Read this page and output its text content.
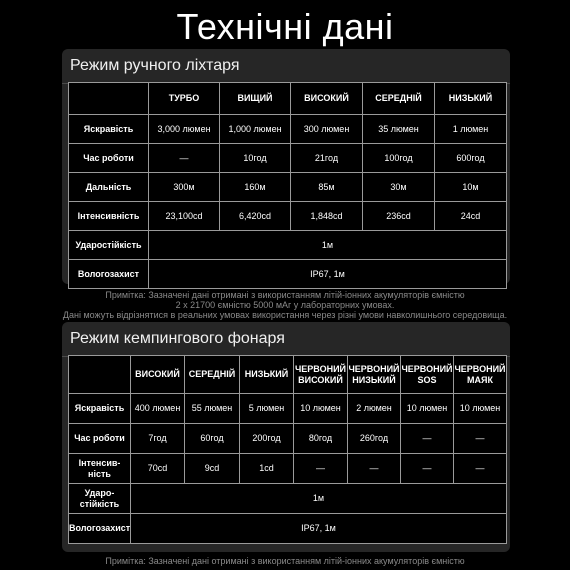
Технічні дані
Режим ручного ліхтаря
	ТУРБО	ВИЩИЙ	ВИСОКИЙ	СЕРЕДНІЙ	НИЗЬКИЙ
Яскравість	3,000 люмен	1,000 люмен	300 люмен	35 люмен	1 люмен
Час роботи	—	10год	21год	100год	600год
Дальність	300м	160м	85м	30м	10м
Інтенсивність	23,100cd	6,420cd	1,848cd	236cd	24cd
Ударостійкість	1м				
Вологозахист	IP67, 1м				
Примітка: Зазначені дані отримані з використанням літій-іонних акумуляторів ємністю
2 х 21700 ємністю 5000 мАг у лабораторних умовах.
Дані можуть відрізнятися в реальних умовах використання через різні умови навколишнього середовища.
Режим кемпингового фонаря
	ВИСОКИЙ	СЕРЕДНІЙ	НИЗЬКИЙ	ЧЕРВОНИЙ ВИСОКИЙ	ЧЕРВОНИЙ НИЗЬКИЙ	ЧЕРВОНИЙ SOS	ЧЕРВОНИЙ МАЯК
Яскравість	400 люмен	55 люмен	5 люмен	10 люмен	2 люмен	10 люмен	10 люмен
Час роботи	7год	60год	200год	80год	260год	—	—
Інтенсив-ність	70cd	9cd	1cd	—	—	—	—
Ударо-стійкість	1м						
Вологозахист	IP67, 1м						
Примітка: Зазначені дані отримані з використанням літій-іонних акумуляторів ємністю
